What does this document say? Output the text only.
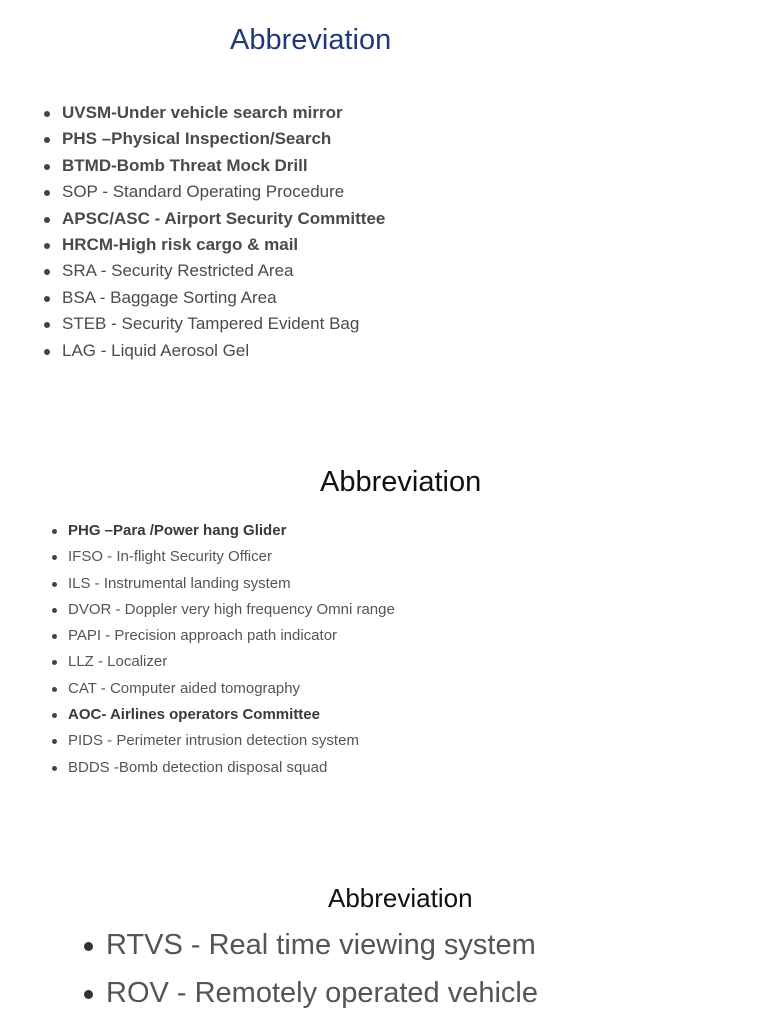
Abbreviation
UVSM-Under vehicle search mirror
PHS –Physical Inspection/Search
BTMD-Bomb Threat Mock Drill
SOP - Standard Operating Procedure
APSC/ASC - Airport Security Committee
HRCM-High risk cargo & mail
SRA - Security Restricted Area
BSA - Baggage Sorting Area
STEB - Security Tampered Evident Bag
LAG - Liquid Aerosol Gel
Abbreviation
PHG –Para /Power hang Glider
IFSO - In-flight Security Officer
ILS - Instrumental landing system
DVOR - Doppler very high frequency Omni range
PAPI - Precision approach path indicator
LLZ - Localizer
CAT - Computer aided tomography
AOC- Airlines operators Committee
PIDS - Perimeter intrusion detection system
BDDS -Bomb detection disposal squad
Abbreviation
RTVS - Real time viewing system
ROV - Remotely operated vehicle
